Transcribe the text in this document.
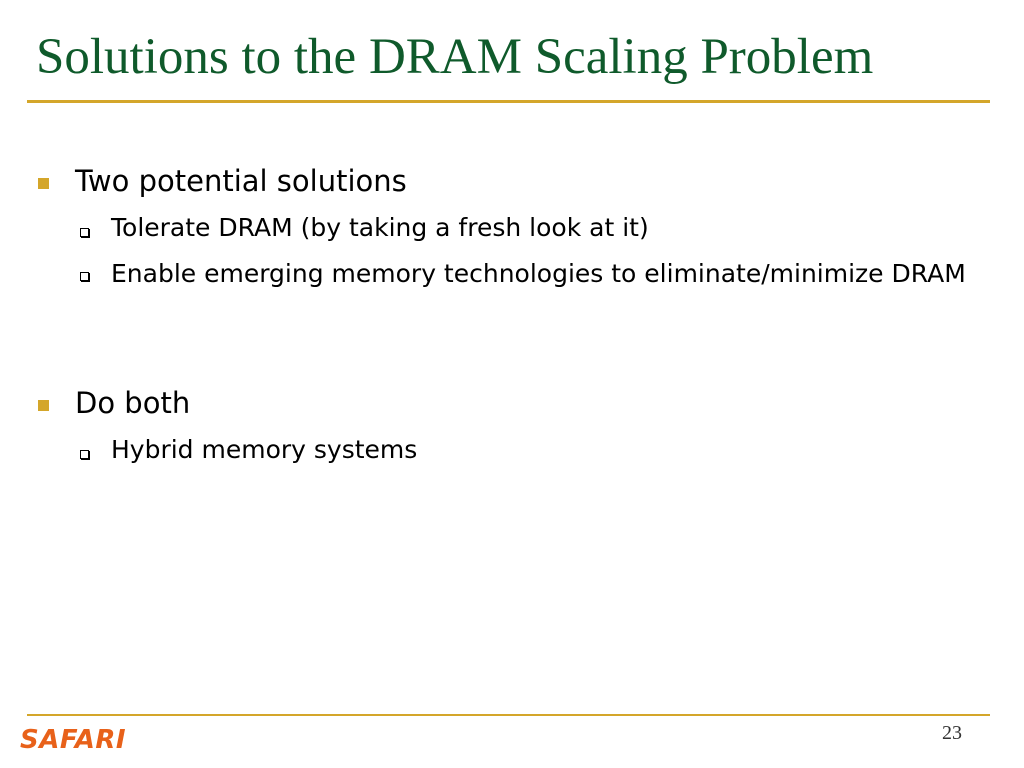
Solutions to the DRAM Scaling Problem
Two potential solutions
Tolerate DRAM (by taking a fresh look at it)
Enable emerging memory technologies to eliminate/minimize DRAM
Do both
Hybrid memory systems
SAFARI	23
